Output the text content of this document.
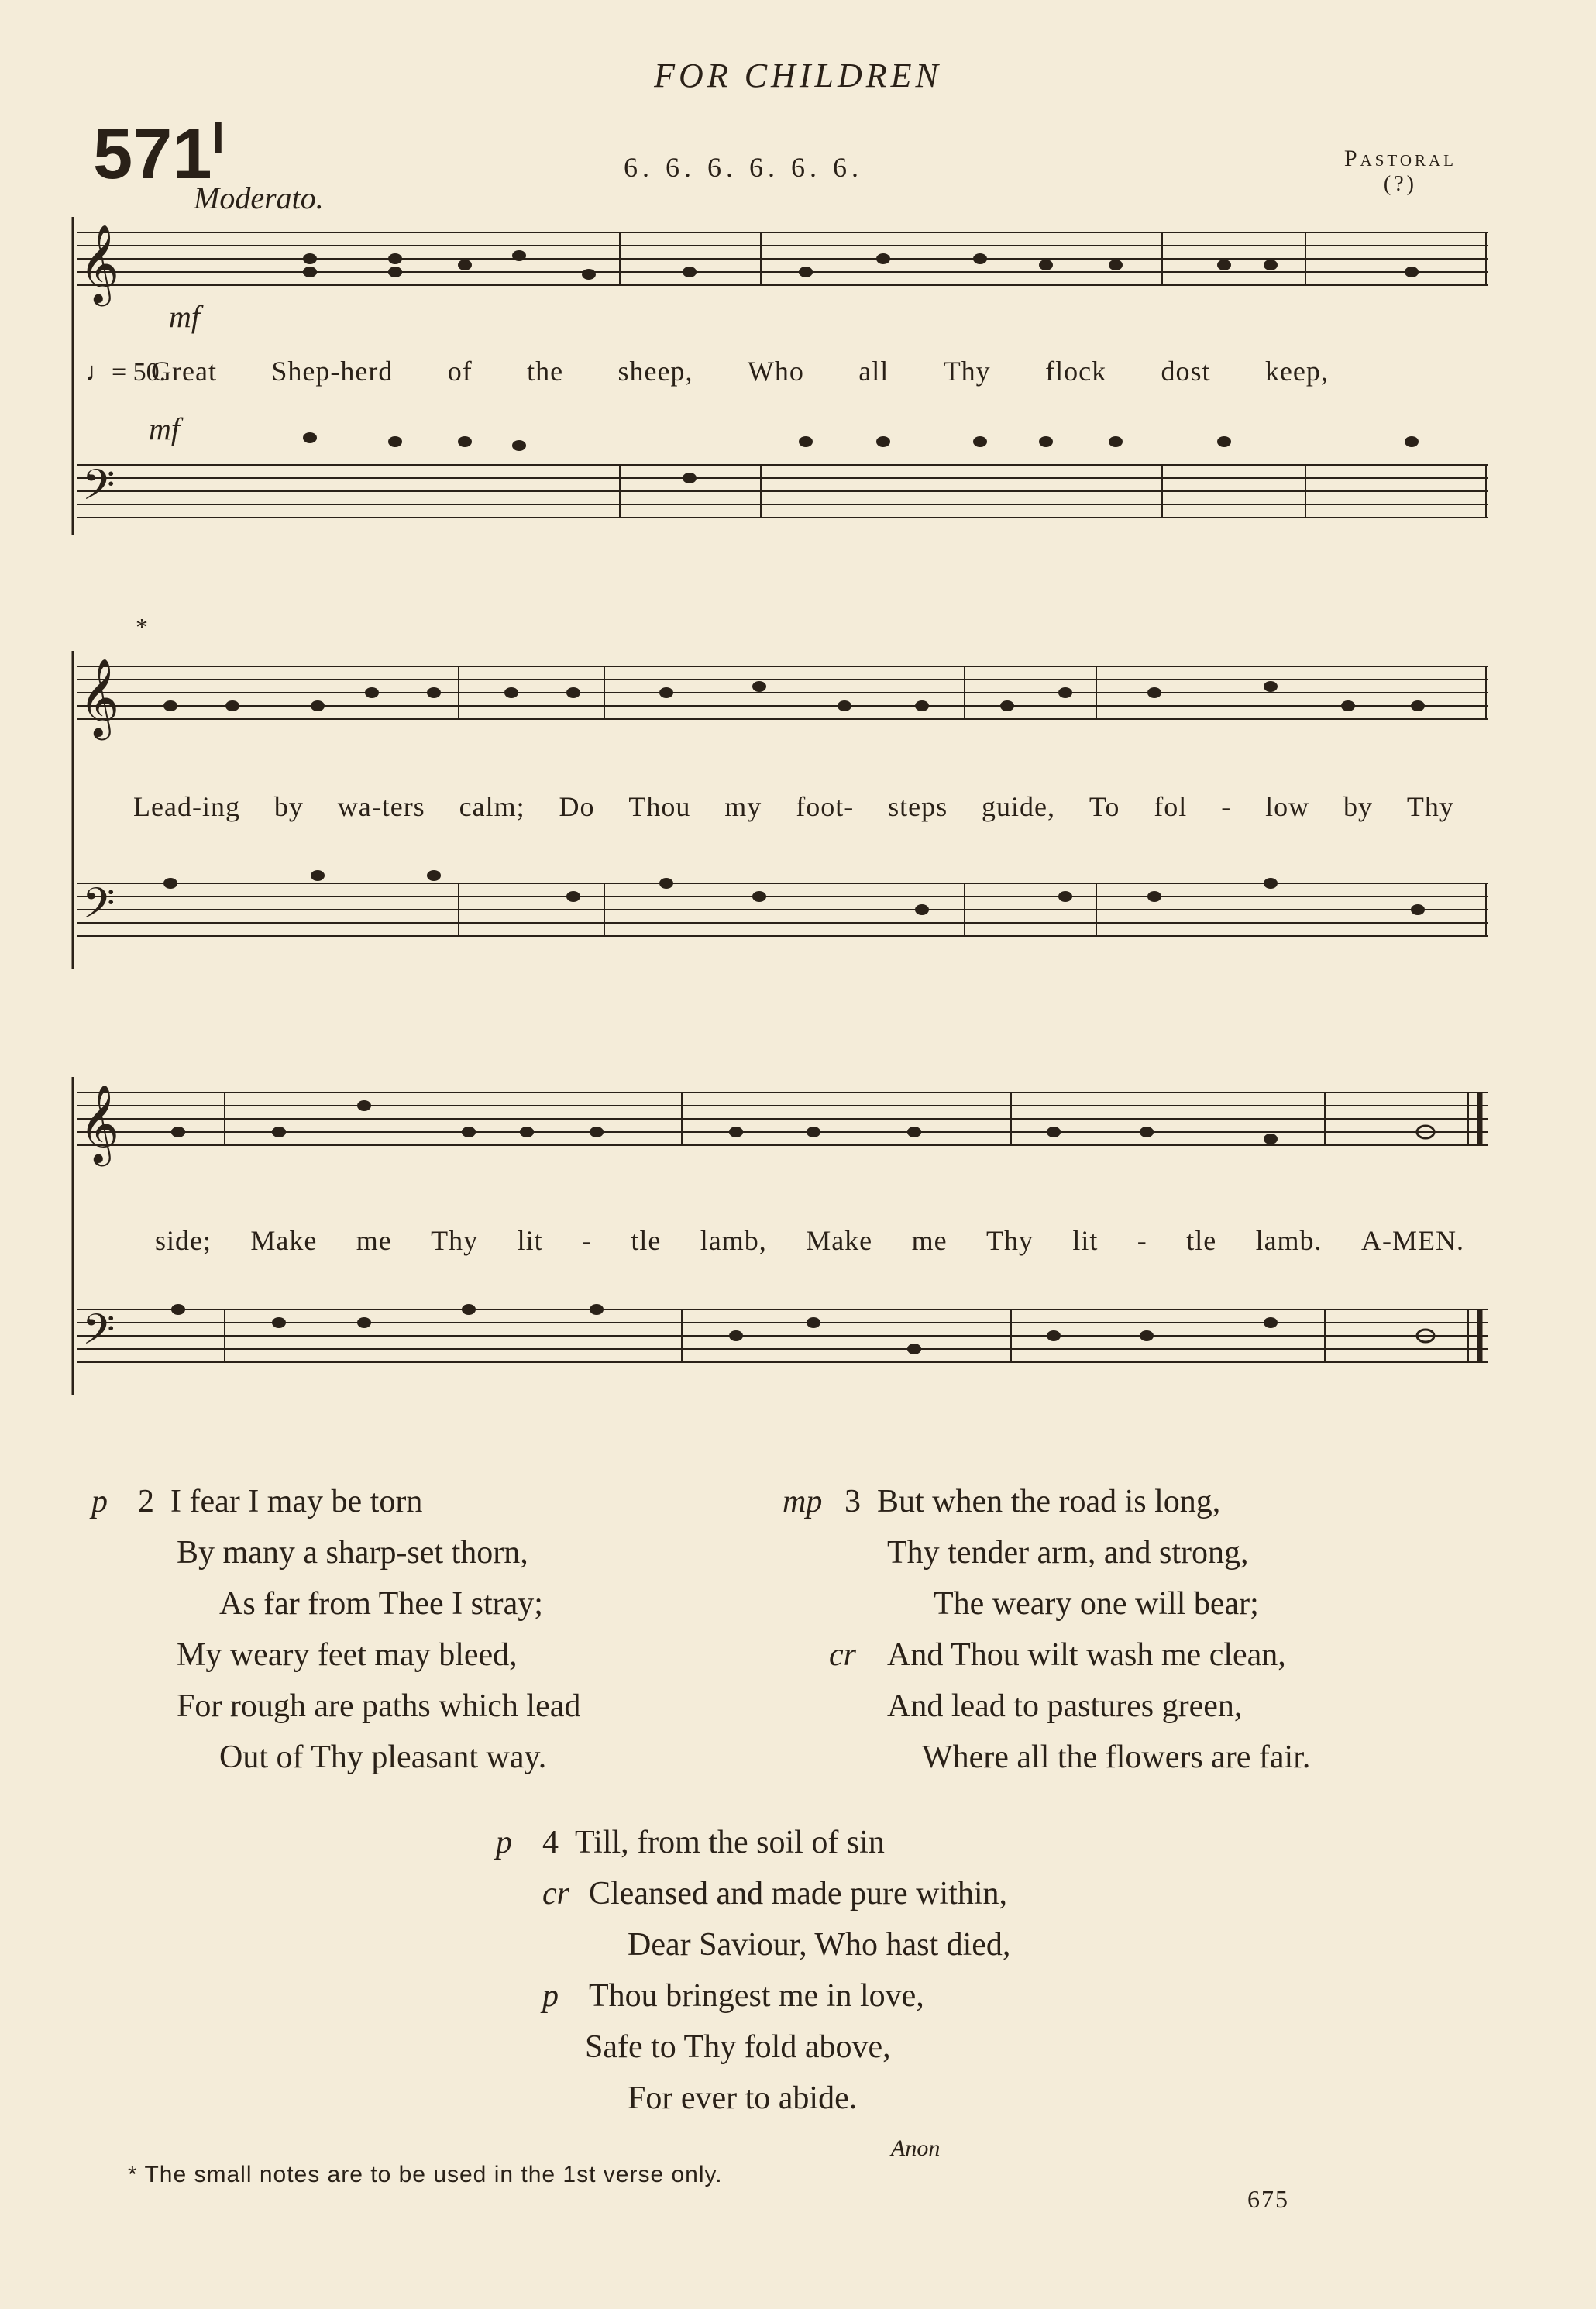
FOR CHILDREN
$571^I$
6. 6. 6. 6. 6. 6.	Pastoral
(?)
Moderato.
mf
mf
♩= 50.
𝄞
𝄢
Great Shep-herd of the sheep, Who all Thy flock dost keep,
𝄞
𝄢
*
Lead-ing by wa-ters calm; Do Thou my foot- steps guide, To fol - low by Thy
𝄞
𝄢
side; Make me Thy lit - tle lamb, Make me Thy lit - tle lamb. A-MEN.
p 2 I fear I may be torn
By many a sharp-set thorn,
As far from Thee I stray;
My weary feet may bleed,
For rough are paths which lead
Out of Thy pleasant way.
mp 3 But when the road is long,
Thy tender arm, and strong,
The weary one will bear;
cr And Thou wilt wash me clean,
And lead to pastures green,
Where all the flowers are fair.
p 4 Till, from the soil of sin
cr Cleansed and made pure within,
Dear Saviour, Who hast died,
p Thou bringest me in love,
Safe to Thy fold above,
For ever to abide.
Anon
* The small notes are to be used in the 1st verse only.
675
